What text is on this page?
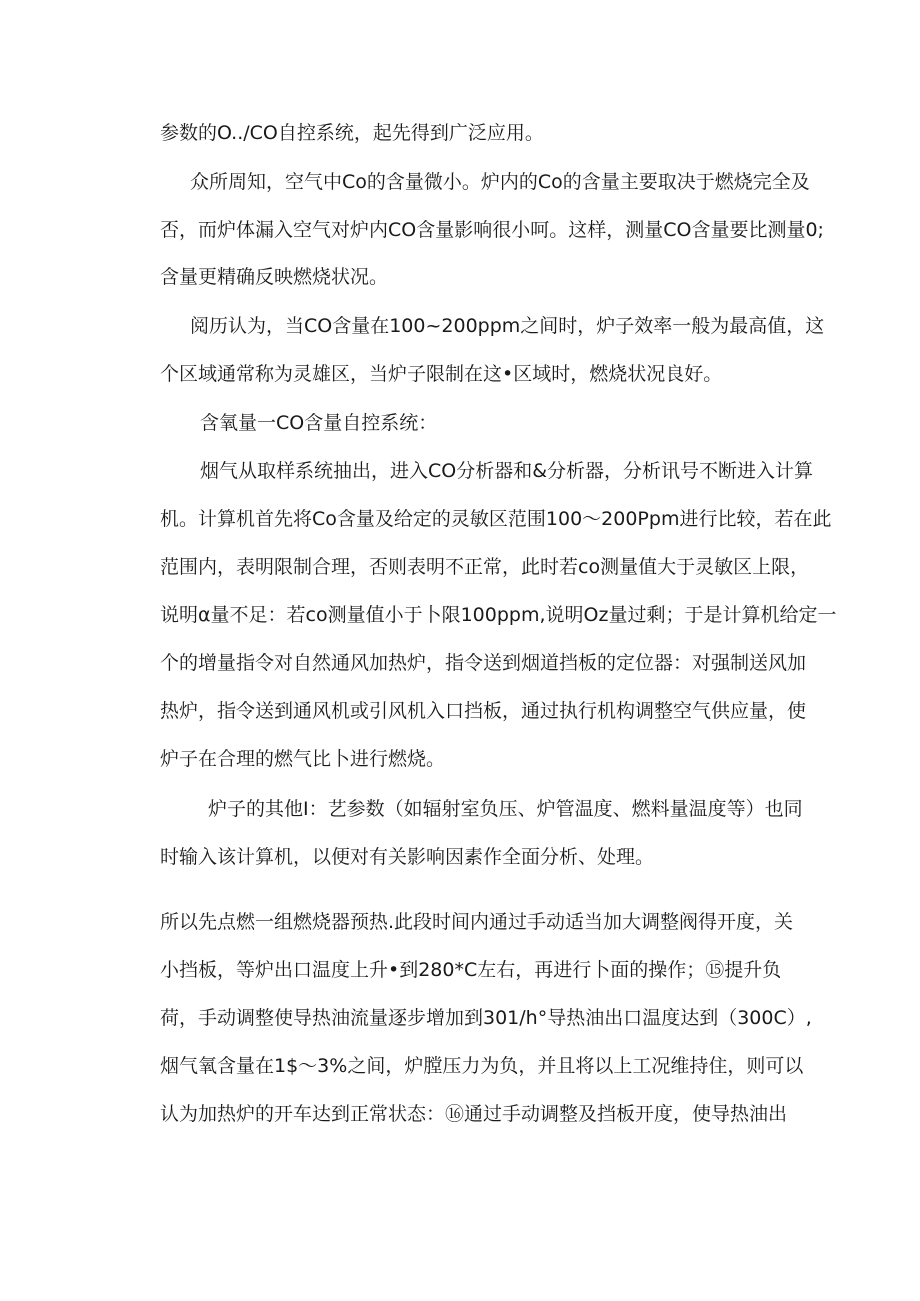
参数的O../CO自控系统，起先得到广泛应用。
众所周知，空气中Co的含量微小。炉内的Co的含量主要取决于燃烧完全及
否，而炉体漏入空气对炉内CO含量影响很小呵。这样，测量CO含量要比测量0;
含量更精确反映燃烧状况。
阅历认为，当CO含量在100~200ppm之间时，炉子效率一般为最高值，这
个区域通常称为灵雄区，当炉子限制在这•区域时，燃烧状况良好。
含氧量一CO含量自控系统：
烟气从取样系统抽出，进入CO分析器和&分析器，分析讯号不断进入计算
机。计算机首先将Co含量及给定的灵敏区范围100〜200Ppm进行比较，若在此
范围内，表明限制合理，否则表明不正常，此时若co测量值大于灵敏区上限，
说明α量不足：若co测量值小于卜限100ppm,说明Oz量过剩；于是计算机给定一
个的增量指令对自然通风加热炉，指令送到烟道挡板的定位器：对强制送风加
热炉，指令送到通风机或引风机入口挡板，通过执行机构调整空气供应量，使
炉子在合理的燃气比卜进行燃烧。
炉子的其他I：艺参数（如辐射室负压、炉管温度、燃料量温度等）也同
时输入该计算机，以便对有关影响因素作全面分析、处理。
所以先点燃一组燃烧器预热.此段时间内通过手动适当加大调整阀得开度，关
小挡板，等炉出口温度上升•到280*C左右，再进行卜面的操作；⑮提升负
荷，手动调整使导热油流量逐步增加到301∕h°导热油出口温度达到（300C）,
烟气氧含量在1$〜3%之间，炉膛压力为负，并且将以上工况维持住，则可以
认为加热炉的开车达到正常状态：⑯通过手动调整及挡板开度，使导热油出
